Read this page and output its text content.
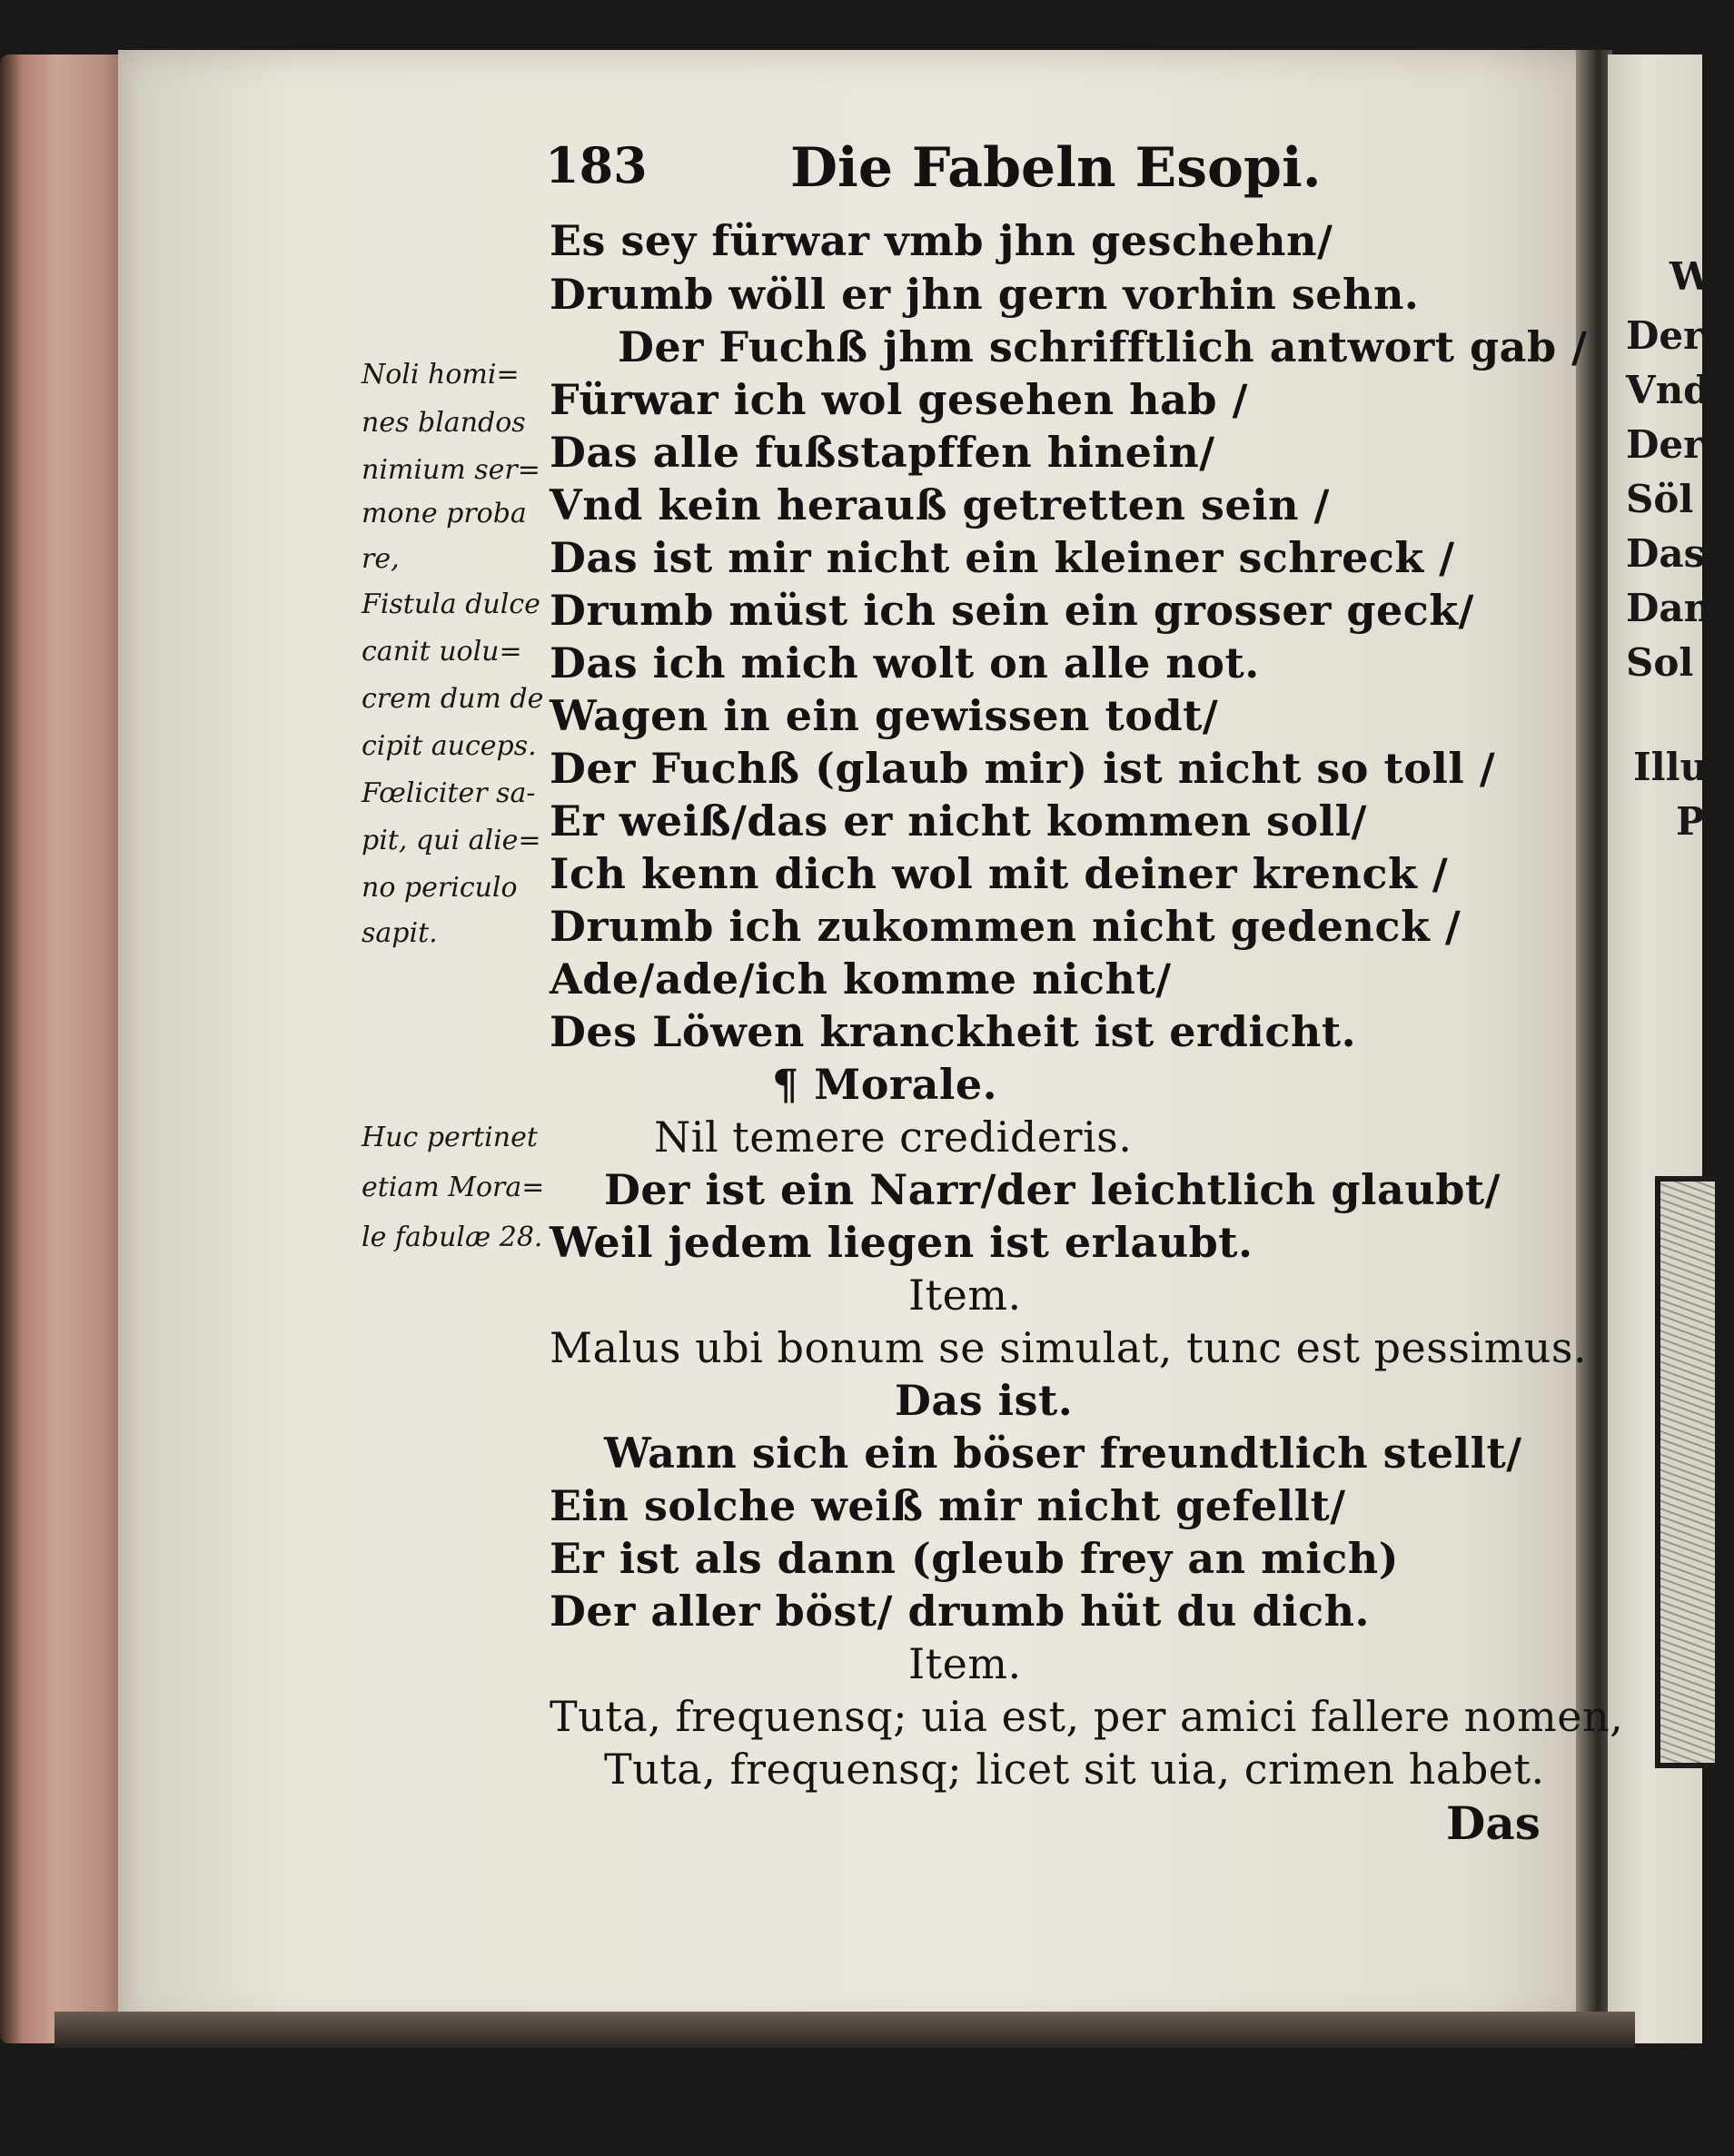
183	Die Fabeln Esopi.
Es sey fürwar vmb jhn geschehn/
Drumb wöll er jhn gern vorhin sehn.
Der Fuchß jhm schrifftlich antwort gab /
Fürwar ich wol gesehen hab /
Das alle fußstapffen hinein/
Vnd kein herauß getretten sein /
Das ist mir nicht ein kleiner schreck /
Drumb müst ich sein ein grosser geck/
Das ich mich wolt on alle not.
Wagen in ein gewissen todt/
Der Fuchß (glaub mir) ist nicht so toll /
Er weiß/das er nicht kommen soll/
Ich kenn dich wol mit deiner krenck /
Drumb ich zukommen nicht gedenck /
Ade/ade/ich komme nicht/
Des Löwen kranckheit ist erdicht.
¶ Morale.
Nil temere credideris.
Der ist ein Narr/der leichtlich glaubt/
Weil jedem liegen ist erlaubt.
Item.
Malus ubi bonum se simulat, tunc est pessimus.
Das ist.
Wann sich ein böser freundtlich stellt/
Ein solche weiß mir nicht gefellt/
Er ist als dann (gleub frey an mich)
Der aller böst/ drumb hüt du dich.
Item.
Tuta, frequensq; uia est, per amici fallere nomen,
Tuta, frequensq; licet sit uia, crimen habet.
Noli homi=
nes blandos
nimium ser=
mone proba
re,
Fistula dulce
canit uolu=
crem dum de
cipit auceps.
Fœliciter sa-
pit, qui alie=
no periculo
sapit.
Huc pertinet
etiam Mora=
le fabulæ 28.
Das
W
Der
Vnd
Der
Söl
Das
Dan
Sol
Illud
P
